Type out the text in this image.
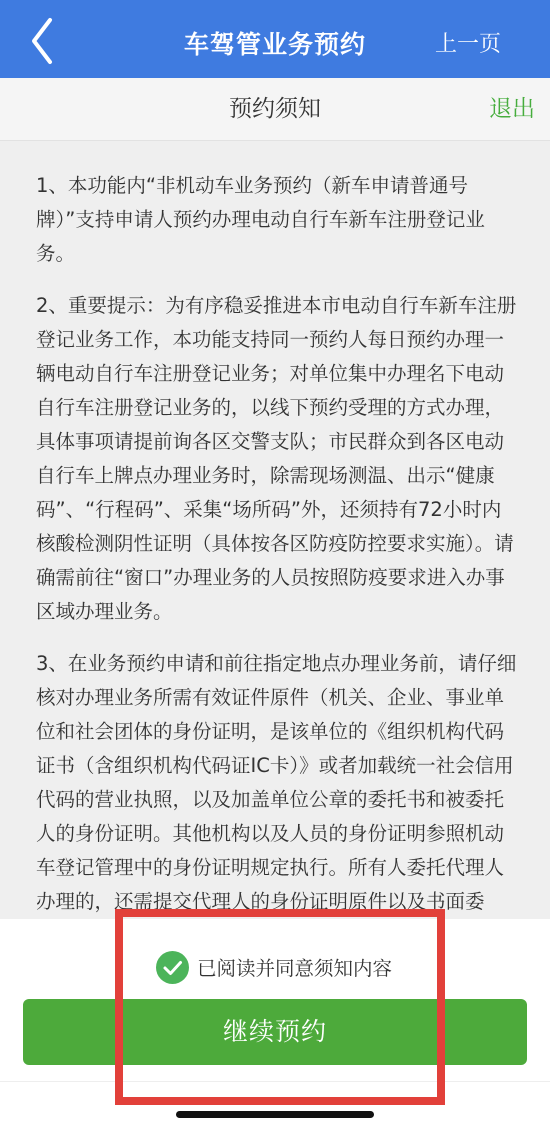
车驾管业务预约	上一页
预约须知	退出

1、本功能内“非机动车业务预约（新车申请普通号牌）”支持申请人预约办理电动自行车新车注册登记业务。

2、重要提示：为有序稳妥推进本市电动自行车新车注册登记业务工作，本功能支持同一预约人每日预约办理一辆电动自行车注册登记业务；对单位集中办理名下电动自行车注册登记业务的，以线下预约受理的方式办理，具体事项请提前询各区交警支队；市民群众到各区电动自行车上牌点办理业务时，除需现场测温、出示“健康码”、“行程码”、采集“场所码”外，还须持有72小时内核酸检测阴性证明（具体按各区防疫防控要求实施）。请确需前往“窗口”办理业务的人员按照防疫要求进入办事区域办理业务。

3、在业务预约申请和前往指定地点办理业务前，请仔细核对办理业务所需有效证件原件（机关、企业、事业单位和社会团体的身份证明，是该单位的《组织机构代码证书（含组织机构代码证IC卡）》或者加载统一社会信用代码的营业执照，以及加盖单位公章的委托书和被委托人的身份证明。其他机构以及人员的身份证明参照机动车登记管理中的身份证明规定执行。所有人委托代理人办理的，还需提交代理人的身份证明原件以及书面委

已阅读并同意须知内容
继续预约
